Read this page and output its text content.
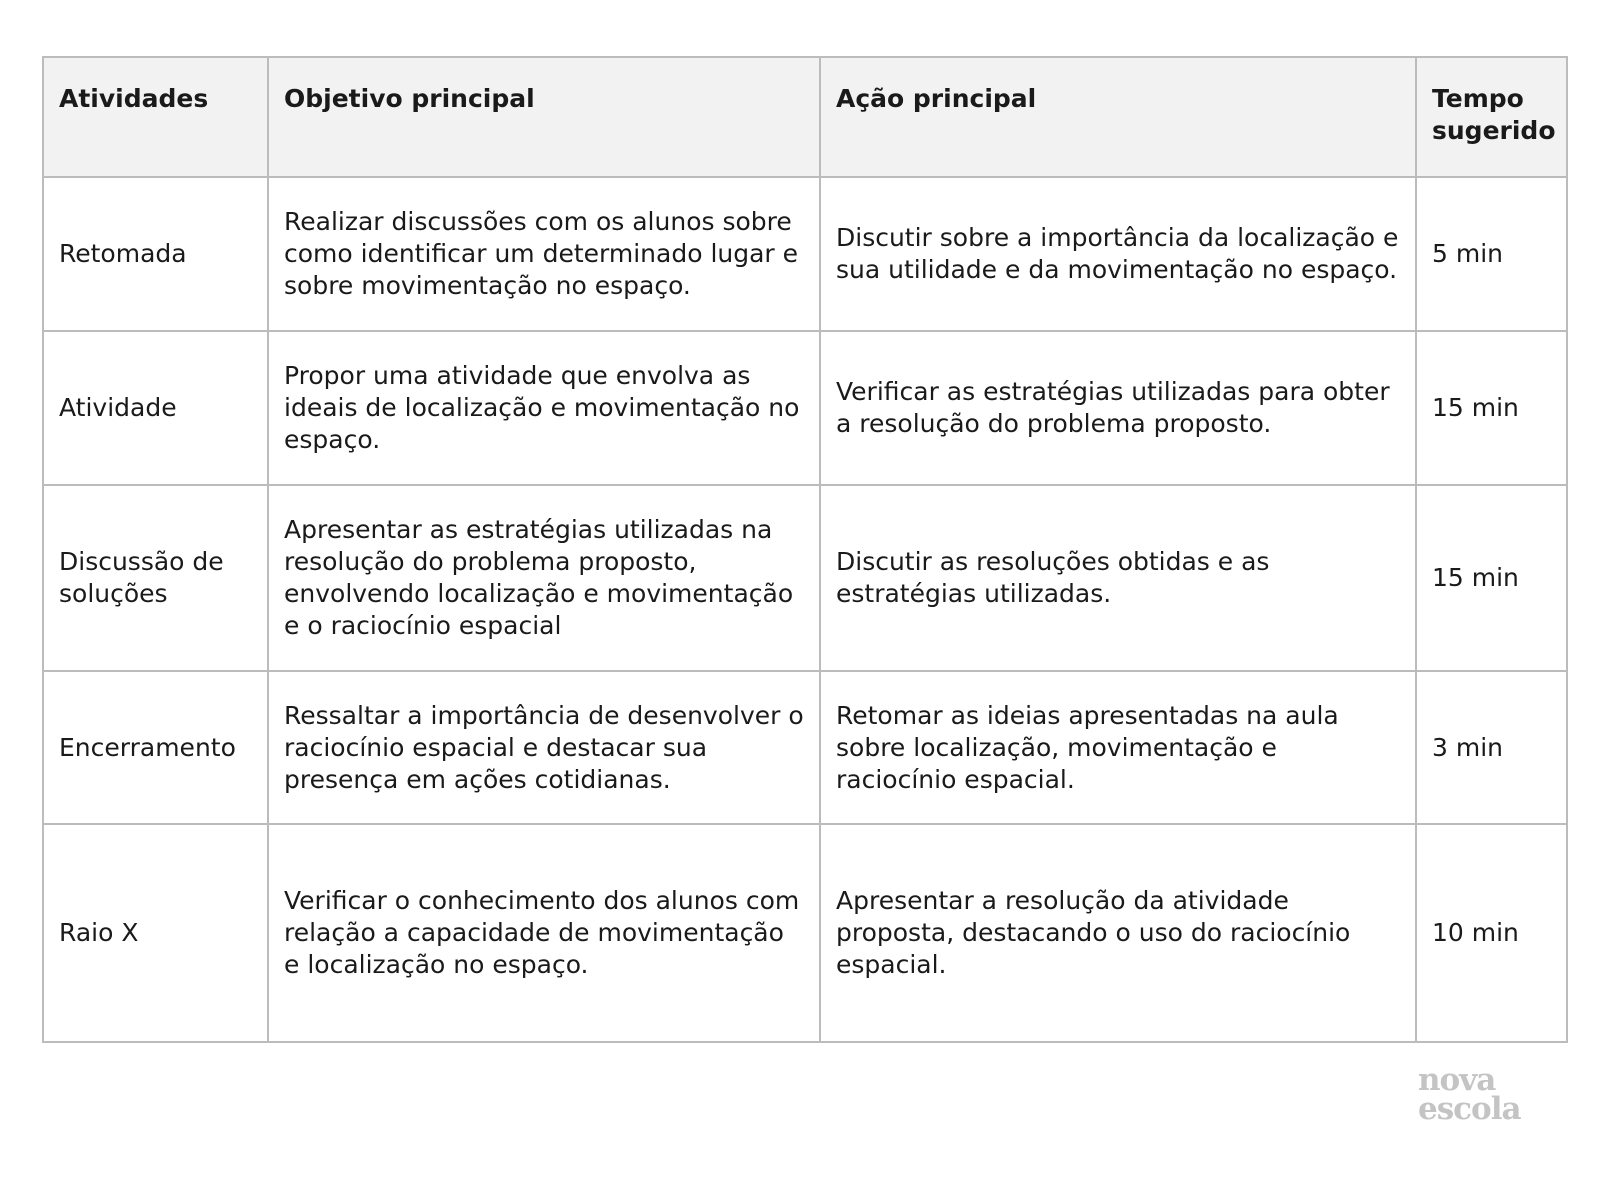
Atividades	Objetivo principal	Ação principal	Tempo sugerido
Retomada	Realizar discussões com os alunos sobre como identificar um determinado lugar e sobre movimentação no espaço.	Discutir sobre a importância da localização e sua utilidade e da movimentação no espaço.	5 min
Atividade	Propor uma atividade que envolva as ideais de localização e movimentação no espaço.	Verificar as estratégias utilizadas para obter a resolução do problema proposto.	15 min
Discussão de soluções	Apresentar as estratégias utilizadas na resolução do problema proposto, envolvendo localização e movimentação e o raciocínio espacial	Discutir as resoluções obtidas e as estratégias utilizadas.	15 min
Encerramento	Ressaltar a importância de desenvolver o raciocínio espacial e destacar sua presença em ações cotidianas.	Retomar as ideias apresentadas na aula sobre localização, movimentação e raciocínio espacial.	3 min
Raio X	Verificar o conhecimento dos alunos com relação a capacidade de movimentação e localização no espaço.	Apresentar a resolução da atividade proposta, destacando o uso do raciocínio espacial.	10 min
nova
escola
